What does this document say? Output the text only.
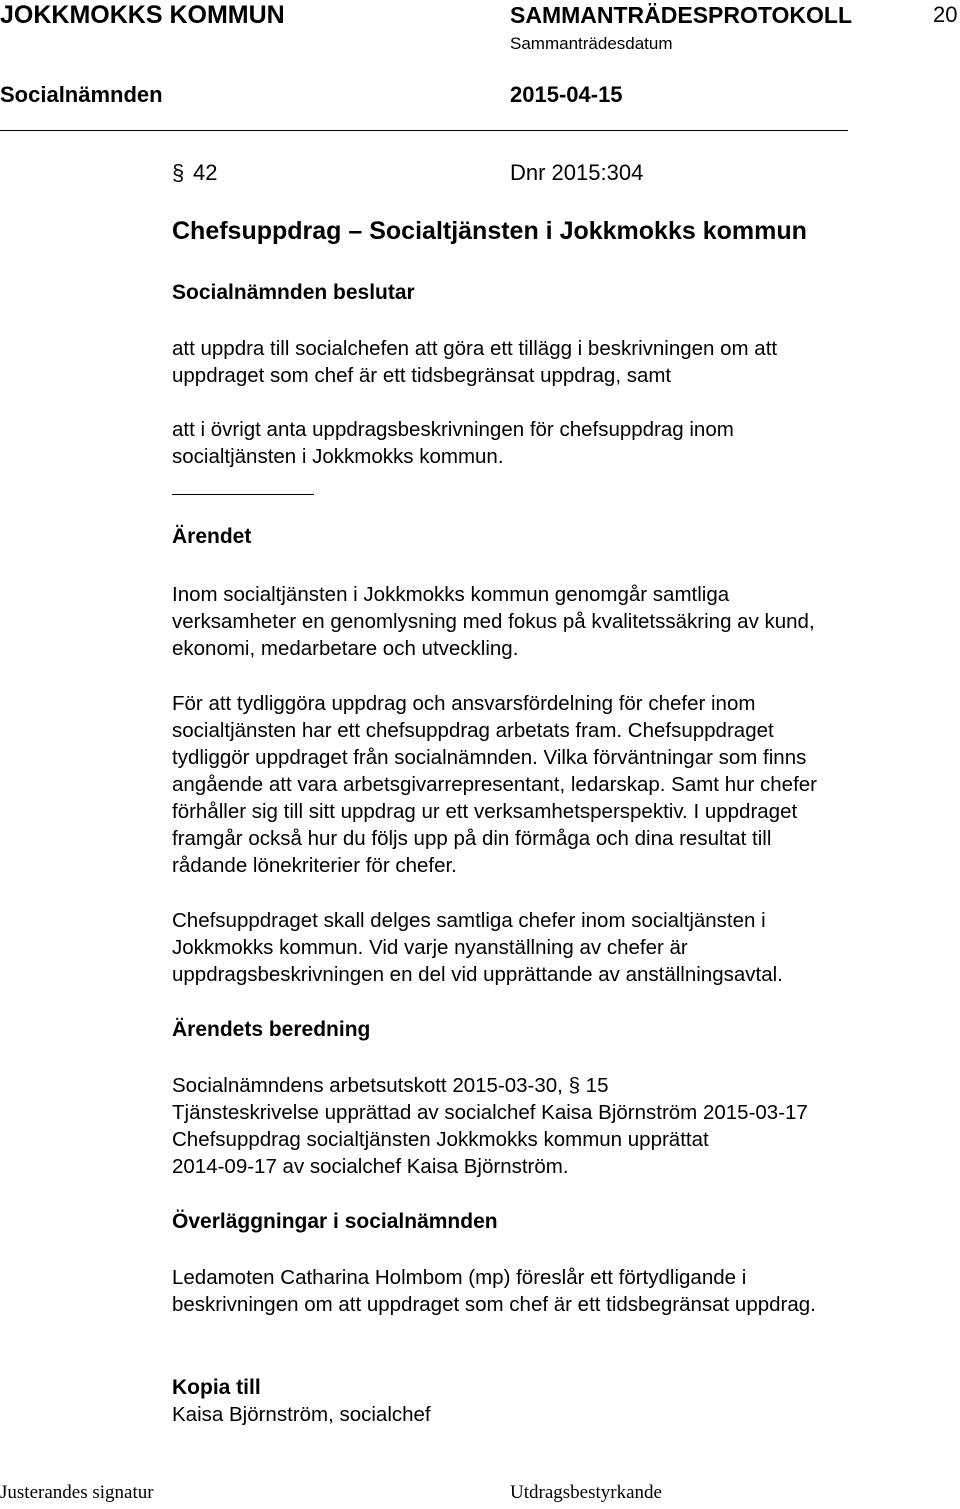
JOKKMOKKS KOMMUN	SAMMANTRÄDESPROTOKOLL	20
Sammanträdesdatum
Socialnämnden	2015-04-15
§ 42	Dnr 2015:304
Chefsuppdrag – Socialtjänsten i Jokkmokks kommun
Socialnämnden beslutar
att uppdra till socialchefen att göra ett tillägg i beskrivningen om att
uppdraget som chef är ett tidsbegränsat uppdrag, samt
att i övrigt anta uppdragsbeskrivningen för chefsuppdrag inom
socialtjänsten i Jokkmokks kommun.
Ärendet
Inom socialtjänsten i Jokkmokks kommun genomgår samtliga
verksamheter en genomlysning med fokus på kvalitetssäkring av kund,
ekonomi, medarbetare och utveckling.
För att tydliggöra uppdrag och ansvarsfördelning för chefer inom
socialtjänsten har ett chefsuppdrag arbetats fram. Chefsuppdraget
tydliggör uppdraget från socialnämnden. Vilka förväntningar som finns
angående att vara arbetsgivarrepresentant, ledarskap. Samt hur chefer
förhåller sig till sitt uppdrag ur ett verksamhetsperspektiv. I uppdraget
framgår också hur du följs upp på din förmåga och dina resultat till
rådande lönekriterier för chefer.
Chefsuppdraget skall delges samtliga chefer inom socialtjänsten i
Jokkmokks kommun. Vid varje nyanställning av chefer är
uppdragsbeskrivningen en del vid upprättande av anställningsavtal.
Ärendets beredning
Socialnämndens arbetsutskott 2015-03-30, § 15
Tjänsteskrivelse upprättad av socialchef Kaisa Björnström 2015-03-17
Chefsuppdrag socialtjänsten Jokkmokks kommun upprättat
2014-09-17 av socialchef Kaisa Björnström.
Överläggningar i socialnämnden
Ledamoten Catharina Holmbom (mp) föreslår ett förtydligande i
beskrivningen om att uppdraget som chef är ett tidsbegränsat uppdrag.
Kopia till
Kaisa Björnström, socialchef
Justerandes signatur	Utdragsbestyrkande
